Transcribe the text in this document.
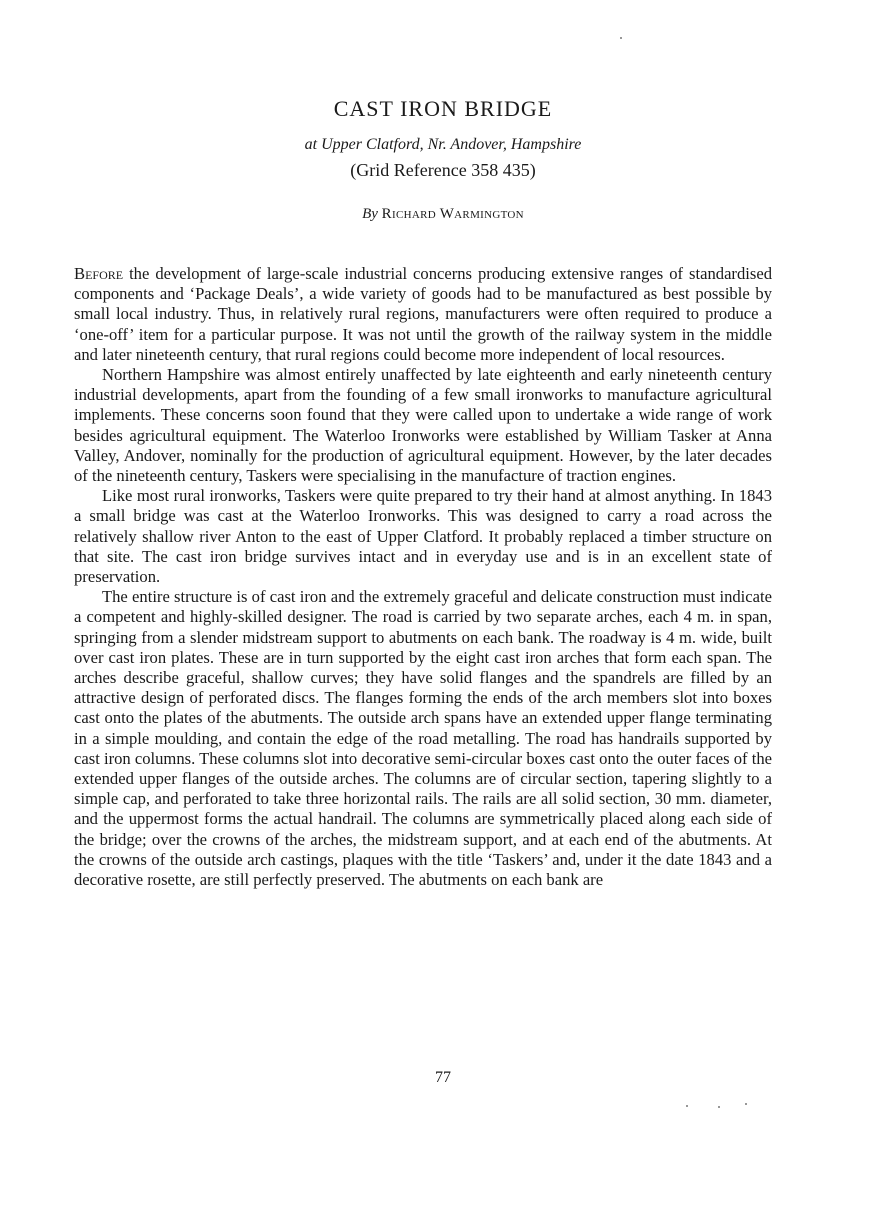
CAST IRON BRIDGE
at Upper Clatford, Nr. Andover, Hampshire
(Grid Reference 358 435)
By Richard Warmington

Before the development of large-scale industrial concerns producing extensive ranges of standardised components and ‘Package Deals’, a wide variety of goods had to be manufactured as best possible by small local industry. Thus, in relatively rural regions, manufacturers were often required to produce a ‘one-off’ item for a particular purpose. It was not until the growth of the railway system in the middle and later nineteenth century, that rural regions could become more independent of local resources.

Northern Hampshire was almost entirely unaffected by late eighteenth and early nineteenth century industrial developments, apart from the founding of a few small ironworks to manufacture agricultural implements. These concerns soon found that they were called upon to undertake a wide range of work besides agricultural equipment. The Waterloo Ironworks were established by William Tasker at Anna Valley, Andover, nominally for the production of agricultural equipment. However, by the later decades of the nineteenth century, Taskers were specialising in the manufacture of traction engines.

Like most rural ironworks, Taskers were quite prepared to try their hand at almost anything. In 1843 a small bridge was cast at the Waterloo Ironworks. This was designed to carry a road across the relatively shallow river Anton to the east of Upper Clatford. It probably replaced a timber structure on that site. The cast iron bridge survives intact and in everyday use and is in an excellent state of preservation.

The entire structure is of cast iron and the extremely graceful and delicate construction must indicate a competent and highly-skilled designer. The road is carried by two separate arches, each 4 m. in span, springing from a slender midstream support to abutments on each bank. The roadway is 4 m. wide, built over cast iron plates. These are in turn supported by the eight cast iron arches that form each span. The arches describe graceful, shallow curves; they have solid flanges and the spandrels are filled by an attractive design of perforated discs. The flanges forming the ends of the arch members slot into boxes cast onto the plates of the abutments. The outside arch spans have an extended upper flange terminating in a simple moulding, and contain the edge of the road metalling. The road has handrails supported by cast iron columns. These columns slot into decorative semi-circular boxes cast onto the outer faces of the extended upper flanges of the outside arches. The columns are of circular section, tapering slightly to a simple cap, and perforated to take three horizontal rails. The rails are all solid section, 30 mm. diameter, and the uppermost forms the actual handrail. The columns are symmetrically placed along each side of the bridge; over the crowns of the arches, the midstream support, and at each end of the abutments. At the crowns of the outside arch castings, plaques with the title ‘Taskers’ and, under it the date 1843 and a decorative rosette, are still perfectly preserved. The abutments on each bank are

77
